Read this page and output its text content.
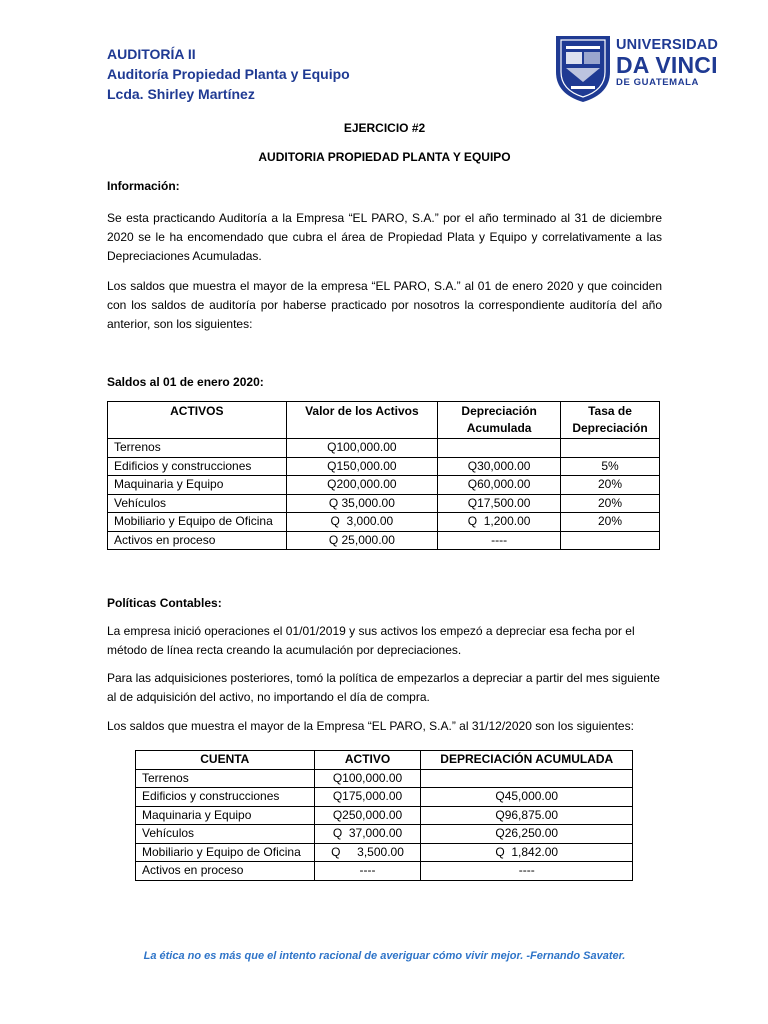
AUDITORÍA II
Auditoría Propiedad Planta y Equipo
Lcda. Shirley Martínez
UNIVERSIDAD
DA VINCI
DE GUATEMALA
EJERCICIO #2
AUDITORIA PROPIEDAD PLANTA Y EQUIPO
Información:
Se esta practicando Auditoría a la Empresa “EL PARO, S.A.” por el año terminado al 31 de diciembre 2020 se le ha encomendado que cubra el área de Propiedad Plata y Equipo y correlativamente a las Depreciaciones Acumuladas.
Los saldos que muestra el mayor de la empresa “EL PARO, S.A.” al 01 de enero 2020 y que coinciden con los saldos de auditoría por haberse practicado por nosotros la correspondiente auditoría del año anterior, son los siguientes:
Saldos al 01 de enero 2020:
ACTIVOS	Valor de los Activos	Depreciación Acumulada	Tasa de Depreciación
Terrenos	Q100,000.00		
Edificios y construcciones	Q150,000.00	Q30,000.00	5%
Maquinaria y Equipo	Q200,000.00	Q60,000.00	20%
Vehículos	Q 35,000.00	Q17,500.00	20%
Mobiliario y Equipo de Oficina	Q  3,000.00	Q  1,200.00	20%
Activos en proceso	Q 25,000.00	----	
Políticas Contables:
La empresa inició operaciones el 01/01/2019 y sus activos los empezó a depreciar esa fecha por el método de línea recta creando la acumulación por depreciaciones.
Para las adquisiciones posteriores, tomó la política de empezarlos a depreciar a partir del mes siguiente al de adquisición del activo, no importando el día de compra.
Los saldos que muestra el mayor de la Empresa “EL PARO, S.A.” al 31/12/2020 son los siguientes:
CUENTA	ACTIVO	DEPRECIACIÓN ACUMULADA
Terrenos	Q100,000.00	
Edificios y construcciones	Q175,000.00	Q45,000.00
Maquinaria y Equipo	Q250,000.00	Q96,875.00
Vehículos	Q  37,000.00	Q26,250.00
Mobiliario y Equipo de Oficina	Q     3,500.00	Q  1,842.00
Activos en proceso	----	----
La ética no es más que el intento racional de averiguar cómo vivir mejor. -Fernando Savater.
